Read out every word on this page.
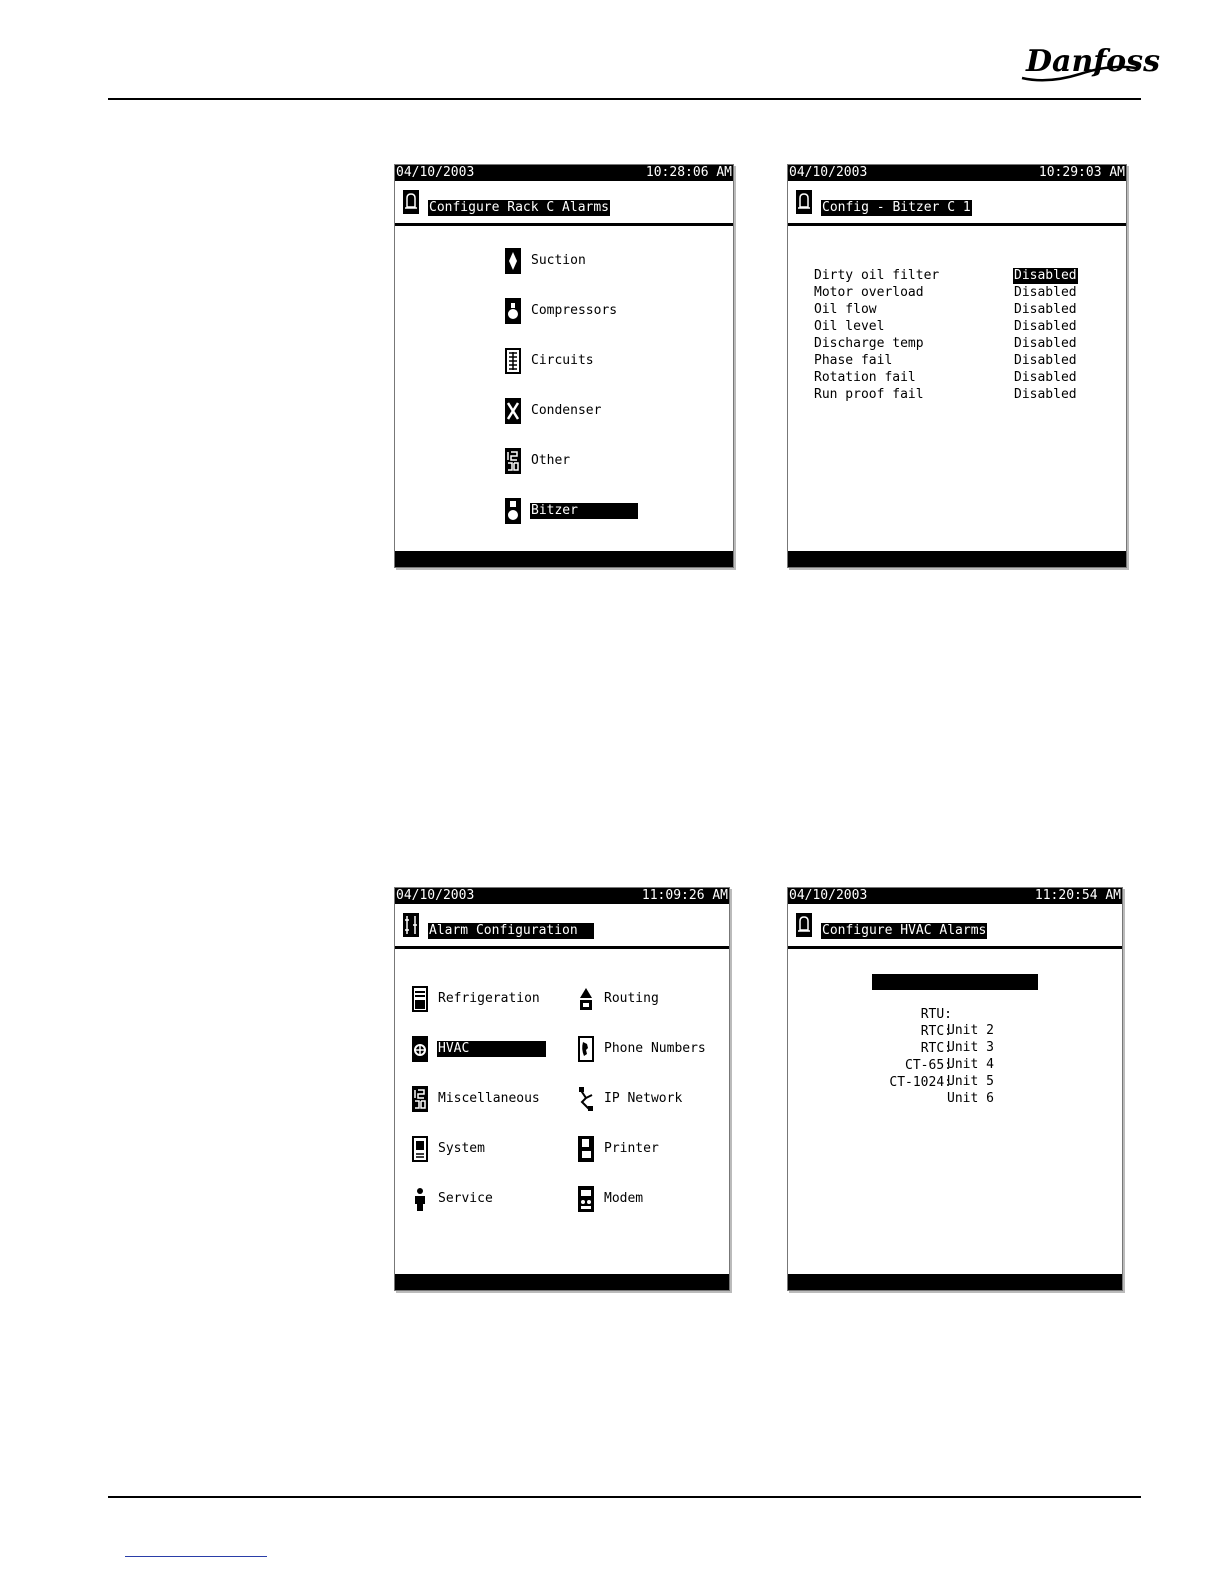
Danfoss
04/10/2003	10:28:06 AM
Configure Rack C Alarms
Suction
Compressors
Circuits
Condenser
Other
Bitzer
04/10/2003	10:29:03 AM
Config - Bitzer C 1
Dirty oil filter	Disabled
Motor overload	Disabled
Oil flow	Disabled
Oil level	Disabled
Discharge temp	Disabled
Phase fail	Disabled
Rotation fail	Disabled
Run proof fail	Disabled
04/10/2003	11:09:26 AM
Alarm Configuration
Refrigeration
HVAC
Miscellaneous
System
Service
Routing
Phone Numbers
IP Network
Printer
Modem
04/10/2003	11:20:54 AM
Configure HVAC Alarms

AHU:

Unit 1

RTU:

Unit 2

RTC:

Unit 3

RTC:

Unit 4

CT-65:

Unit 5

CT-1024:

Unit 6
